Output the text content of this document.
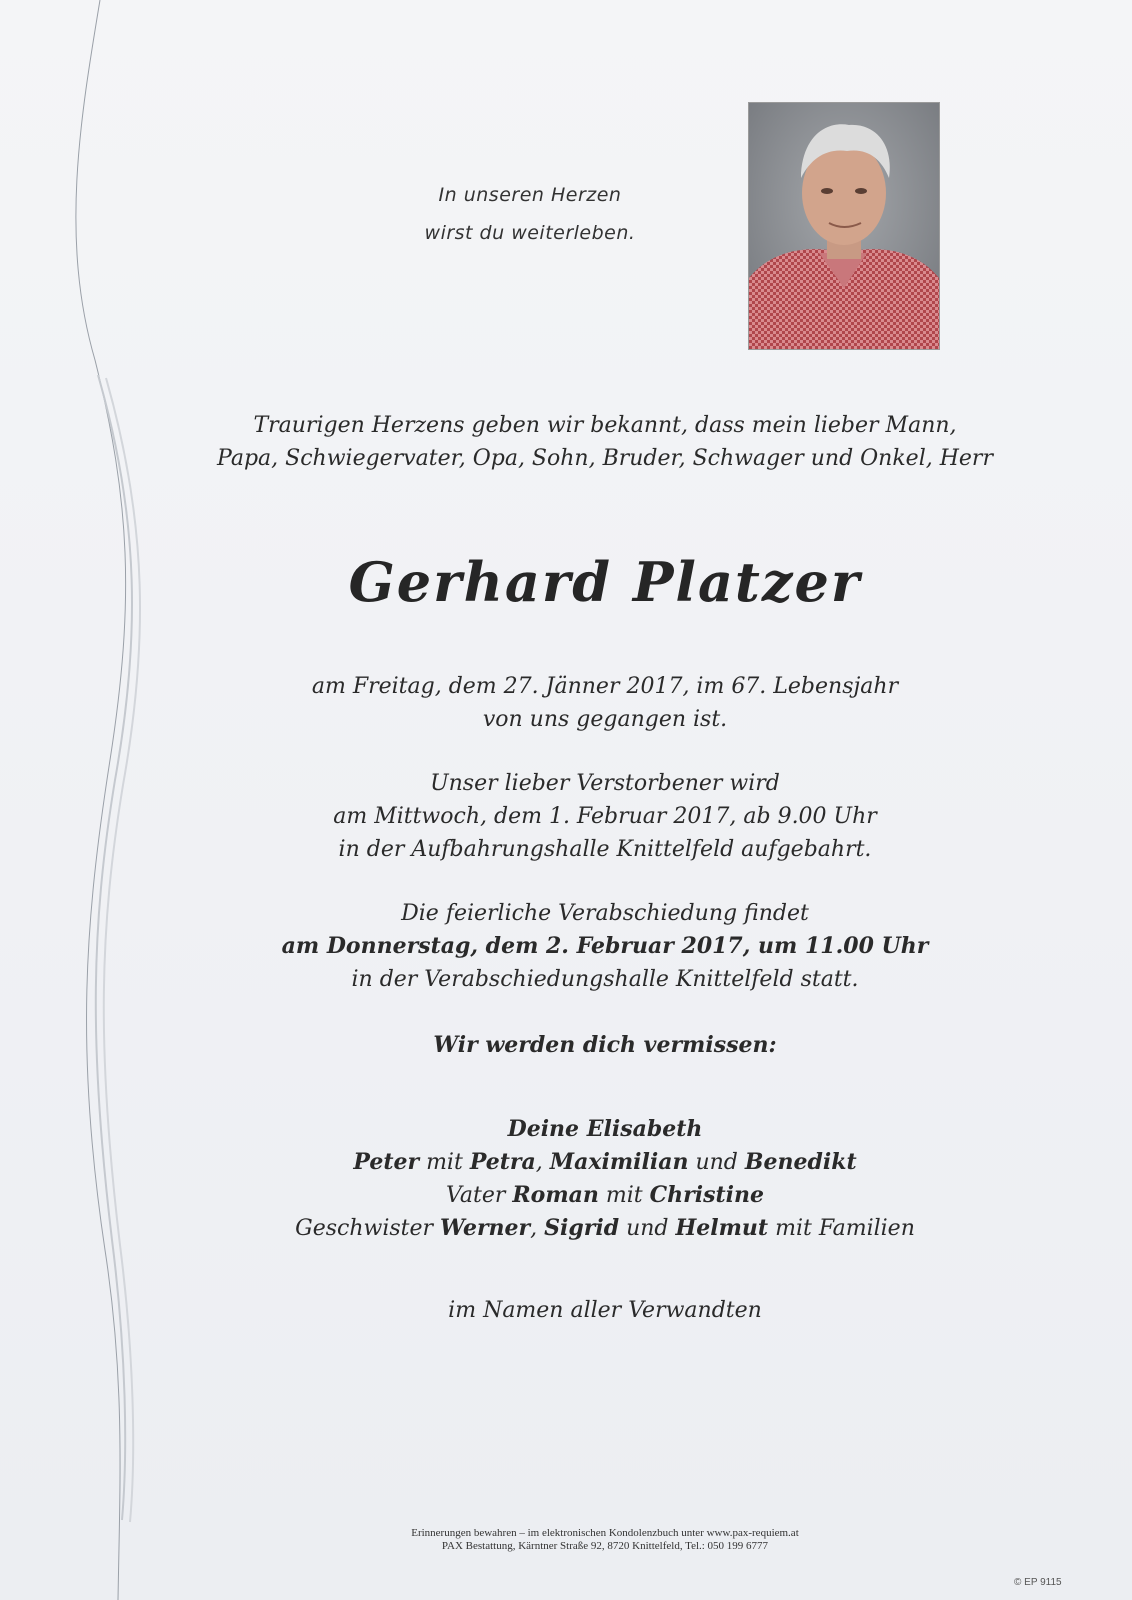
In unseren Herzen
wirst du weiterleben.
Traurigen Herzens geben wir bekannt, dass mein lieber Mann,
Papa, Schwiegervater, Opa, Sohn, Bruder, Schwager und Onkel, Herr
Gerhard Platzer
am Freitag, dem 27. Jänner 2017, im 67. Lebensjahr
von uns gegangen ist.
Unser lieber Verstorbener wird
am Mittwoch, dem 1. Februar 2017, ab 9.00 Uhr
in der Aufbahrungshalle Knittelfeld aufgebahrt.
Die feierliche Verabschiedung findet
am Donnerstag, dem 2. Februar 2017, um 11.00 Uhr
in der Verabschiedungshalle Knittelfeld statt.
Wir werden dich vermissen:
Deine Elisabeth
Peter mit Petra, Maximilian und Benedikt
Vater Roman mit Christine
Geschwister Werner, Sigrid und Helmut mit Familien
im Namen aller Verwandten
Erinnerungen bewahren – im elektronischen Kondolenzbuch unter www.pax-requiem.at
PAX Bestattung, Kärntner Straße 92, 8720 Knittelfeld, Tel.: 050 199 6777
© EP 9115
